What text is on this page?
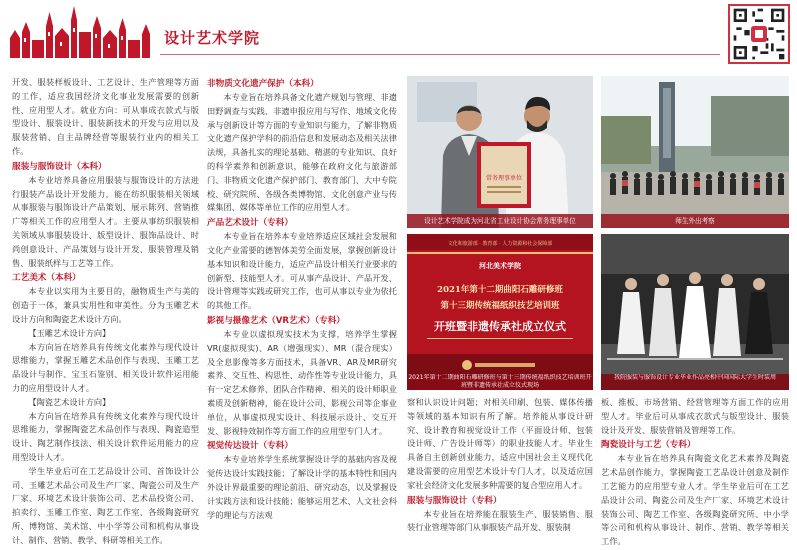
设计艺术学院

开发、服装样板设计、工艺设计、生产管理等方面的工作，适应我国经济文化事业发展需要的创新性、应用型人才。就业方向：可从事成衣款式与版型设计、服装设计、服装新技术的开发与应用以及服装营销、自主品牌经营等服装行业内的相关工作。

服装与服饰设计（本科）

本专业培养具备应用服装与服饰设计的方法进行服装产品设计开发能力，能在纺织服装相关领域从事服装与服饰设计产品策划、展示陈列、营销推广等相关工作的应用型人才。主要从事纺织服装相关领域从事服装设计、版型设计、服饰品设计、时尚创意设计、产品策划与设计开发、服装管理及销售、服装纸样与工艺等工作。

工艺美术（本科）

本专业以实用为主要目的，融物质生产与美的创造于一体，兼具实用性和审美性。分为玉雕艺术设计方向和陶瓷艺术设计方向。

【玉雕艺术设计方向】

本方向旨在培养具有传统文化素养与现代设计思维能力，掌握玉雕艺术品创作与表现、玉雕工艺品设计与制作、宝玉石鉴别、相关设计软件运用能力的应用型设计人才。

【陶瓷艺术设计方向】

本方向旨在培养具有传统文化素养与现代设计思维能力，掌握陶瓷艺术品创作与表现、陶瓷造型设计、陶艺制作技法、相关设计软件运用能力的应用型设计人才。

学生毕业后可在工艺品设计公司、首饰设计公司、玉雕艺术品公司及生产厂家、陶瓷公司及生产厂家、环境艺术设计装饰公司、艺术品投资公司、拍卖行、玉雕工作室、陶艺工作室、各级陶瓷研究所、博物馆、美术馆、中小学等公司和机构从事设计、制作、营销、教学、科研等相关工作。

非物质文化遗产保护（本科）

本专业旨在培养具备文化遗产规划与管理、非遗田野调查与实践、非遗申报应用与写作、地域文化传承与创新设计等方面的专业知识与能力，了解非物质文化遗产保护学科的前沿信息和发展动态及相关法律法规，具备扎实的理论基础、精湛的专业知识、良好的科学素养和创新意识，能够在政府文化与旅游部门、非物质文化遗产保护部门、教育部门、大中专院校、研究院所、各级各类博物馆、文化创意产业与传媒集团、媒体等单位工作的应用型人才。

产品艺术设计（专科）

本专业旨在培养本专业培养适应区域社会发展和文化产业需要的德智体美劳全面发展，掌握创新设计基本知识和设计能力，适应产品设计相关行业要求的创新型、技能型人才。可从事产品设计、产品开发、设计管理等实践或研究工作，也可从事以专业为依托的其他工作。

影视与摄像艺术（VR艺术）（专科）

本专业以虚拟现实技术为支撑，培养学生掌握VR(虚拟现实)、AR（增强现实）、MR（混合现实）及全息影像等多方面技术，具备VR、AR及MR研究素养、交互性、构思性、动作性等专业设计能力，具有一定艺术修养、团队合作精神、相关的设计师职业素质及创新精神，能在设计公司、影视公司等企事业单位，从事虚拟现实设计、科技展示设计、交互开发、影视特效制作等方面工作的应用型专门人才。

视觉传达设计（专科）

本专业培养学生系统掌握设计学的基础内容及视觉传达设计实践技能；了解设计学的基本特性和国内外设计界最重要的理论前沿、研究动态，以及掌握设计实践方法和设计技能；能够运用艺术、人文社会科学的理论与方法观

常务理事单位
设计艺术学院成为河北省工业设计协会常务理事单位	师生外出考察
文化和旅游部 · 教育部 · 人力资源和社会保障部
河北美术学院
2021年第十二期曲阳石雕研修班
第十三期传统福纸织技艺培训班
开班暨非遗传承社成立仪式
2021年第十二期曲阳石雕研修班与第十三期传统福纸织技艺培训班开班暨非遗传承社成立仪式现场
我院服装与服饰设计专业毕业作品亮相中国国际大学生时装周

察和认识设计问题；对相关印刷、包装、媒体传播等领域的基本知识有所了解。培养能从事设计研究、设计教育和视觉设计工作（平面设计师、包装设计师、广告设计师等）的职业技能人才。毕业生具备自主创新创业能力，适应中国社会主义现代化建设需要的应用型艺术设计专门人才，以及适应国家社会经济文化发展多种需要的复合型应用人才。

服装与服饰设计（专科）

本专业旨在培养能在服装生产、服装销售、服装行业管理等部门从事服装产品开发、服装制

板、推板、市场营销、经营管理等方面工作的应用型人才。毕业后可从事成衣款式与版型设计、服装设计及开发、服装营销及管理等工作。

陶瓷设计与工艺（专科）

本专业旨在培养具有陶瓷文化艺术素养及陶瓷艺术品创作能力，掌握陶瓷工艺品设计创意及制作工艺能力的应用型专业人才。学生毕业后可在工艺品设计公司、陶瓷公司及生产厂家、环境艺术设计装饰公司、陶艺工作室、各级陶瓷研究所、中小学等公司和机构从事设计、制作、营销、教学等相关工作。
